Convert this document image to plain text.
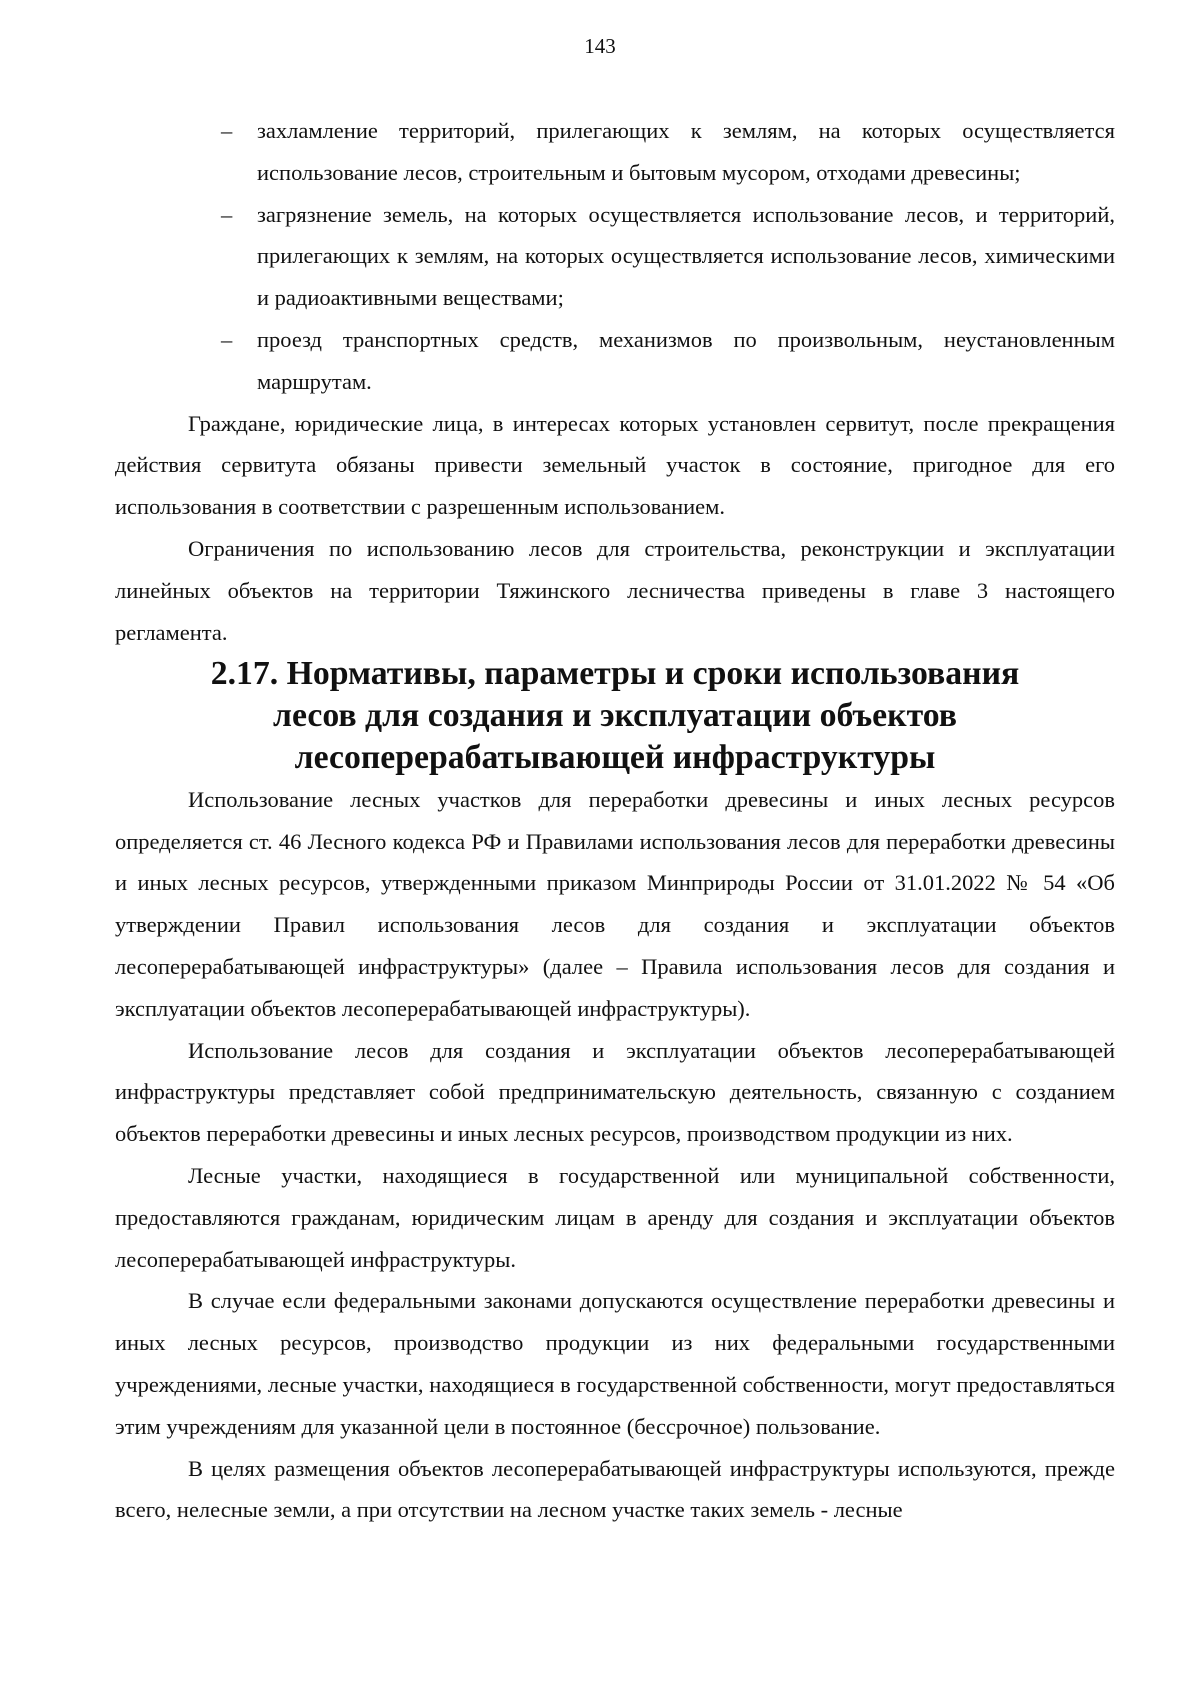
143
– захламление территорий, прилегающих к землям, на которых осуществляется использование лесов, строительным и бытовым мусором, отходами древесины;
– загрязнение земель, на которых осуществляется использование лесов, и территорий, прилегающих к землям, на которых осуществляется использование лесов, химическими и радиоактивными веществами;
– проезд транспортных средств, механизмов по произвольным, неустановленным маршрутам.

Граждане, юридические лица, в интересах которых установлен сервитут, после прекращения действия сервитута обязаны привести земельный участок в состояние, пригодное для его использования в соответствии с разрешенным использованием.

Ограничения по использованию лесов для строительства, реконструкции и эксплуатации линейных объектов на территории Тяжинского лесничества приведены в главе 3 настоящего регламента.

2.17. Нормативы, параметры и сроки использования лесов для создания и эксплуатации объектов лесоперерабатывающей инфраструктуры

Использование лесных участков для переработки древесины и иных лесных ресурсов определяется ст. 46 Лесного кодекса РФ и Правилами использования лесов для переработки древесины и иных лесных ресурсов, утвержденными приказом Минприроды России от 31.01.2022 № 54 «Об утверждении Правил использования лесов для создания и эксплуатации объектов лесоперерабатывающей инфраструктуры» (далее – Правила использования лесов для создания и эксплуатации объектов лесоперерабатывающей инфраструктуры).

Использование лесов для создания и эксплуатации объектов лесоперерабатывающей инфраструктуры представляет собой предпринимательскую деятельность, связанную с созданием объектов переработки древесины и иных лесных ресурсов, производством продукции из них.

Лесные участки, находящиеся в государственной или муниципальной собственности, предоставляются гражданам, юридическим лицам в аренду для создания и эксплуатации объектов лесоперерабатывающей инфраструктуры.

В случае если федеральными законами допускаются осуществление переработки древесины и иных лесных ресурсов, производство продукции из них федеральными государственными учреждениями, лесные участки, находящиеся в государственной собственности, могут предоставляться этим учреждениям для указанной цели в постоянное (бессрочное) пользование.

В целях размещения объектов лесоперерабатывающей инфраструктуры используются, прежде всего, нелесные земли, а при отсутствии на лесном участке таких земель - лесные
